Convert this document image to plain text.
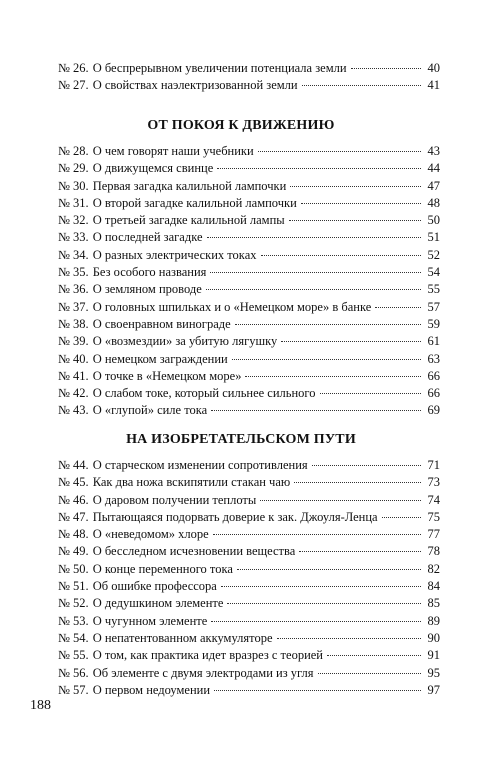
№ 26. О беспрерывном увеличении потенциала земли	40
№ 27. О свойствах наэлектризованной земли	41
ОТ ПОКОЯ К ДВИЖЕНИЮ
№ 28. О чем говорят наши учебники	43
№ 29. О движущемся свинце	44
№ 30. Первая загадка калильной лампочки	47
№ 31. О второй загадке калильной лампочки	48
№ 32. О третьей загадке калильной лампы	50
№ 33. О последней загадке	51
№ 34. О разных электрических токах	52
№ 35. Без особого названия	54
№ 36. О земляном проводе	55
№ 37. О головных шпильках и о «Немецком море» в банке	57
№ 38. О своенравном винограде	59
№ 39. О «возмездии» за убитую лягушку	61
№ 40. О немецком заграждении	63
№ 41. О точке в «Немецком море»	66
№ 42. О слабом токе, который сильнее сильного	66
№ 43. О «глупой» силе тока	69
НА ИЗОБРЕТАТЕЛЬСКОМ ПУТИ
№ 44. О старческом изменении сопротивления	71
№ 45. Как два ножа вскипятили стакан чаю	73
№ 46. О даровом получении теплоты	74
№ 47. Пытающаяся подорвать доверие к зак. Джоуля-Ленца	75
№ 48. О «неведомом» хлоре	77
№ 49. О бесследном исчезновении вещества	78
№ 50. О конце переменного тока	82
№ 51. Об ошибке профессора	84
№ 52. О дедушкином элементе	85
№ 53. О чугунном элементе	89
№ 54. О непатентованном аккумуляторе	90
№ 55. О том, как практика идет вразрез с теорией	91
№ 56. Об элементе с двумя электродами из угля	95
№ 57. О первом недоумении	97
188
